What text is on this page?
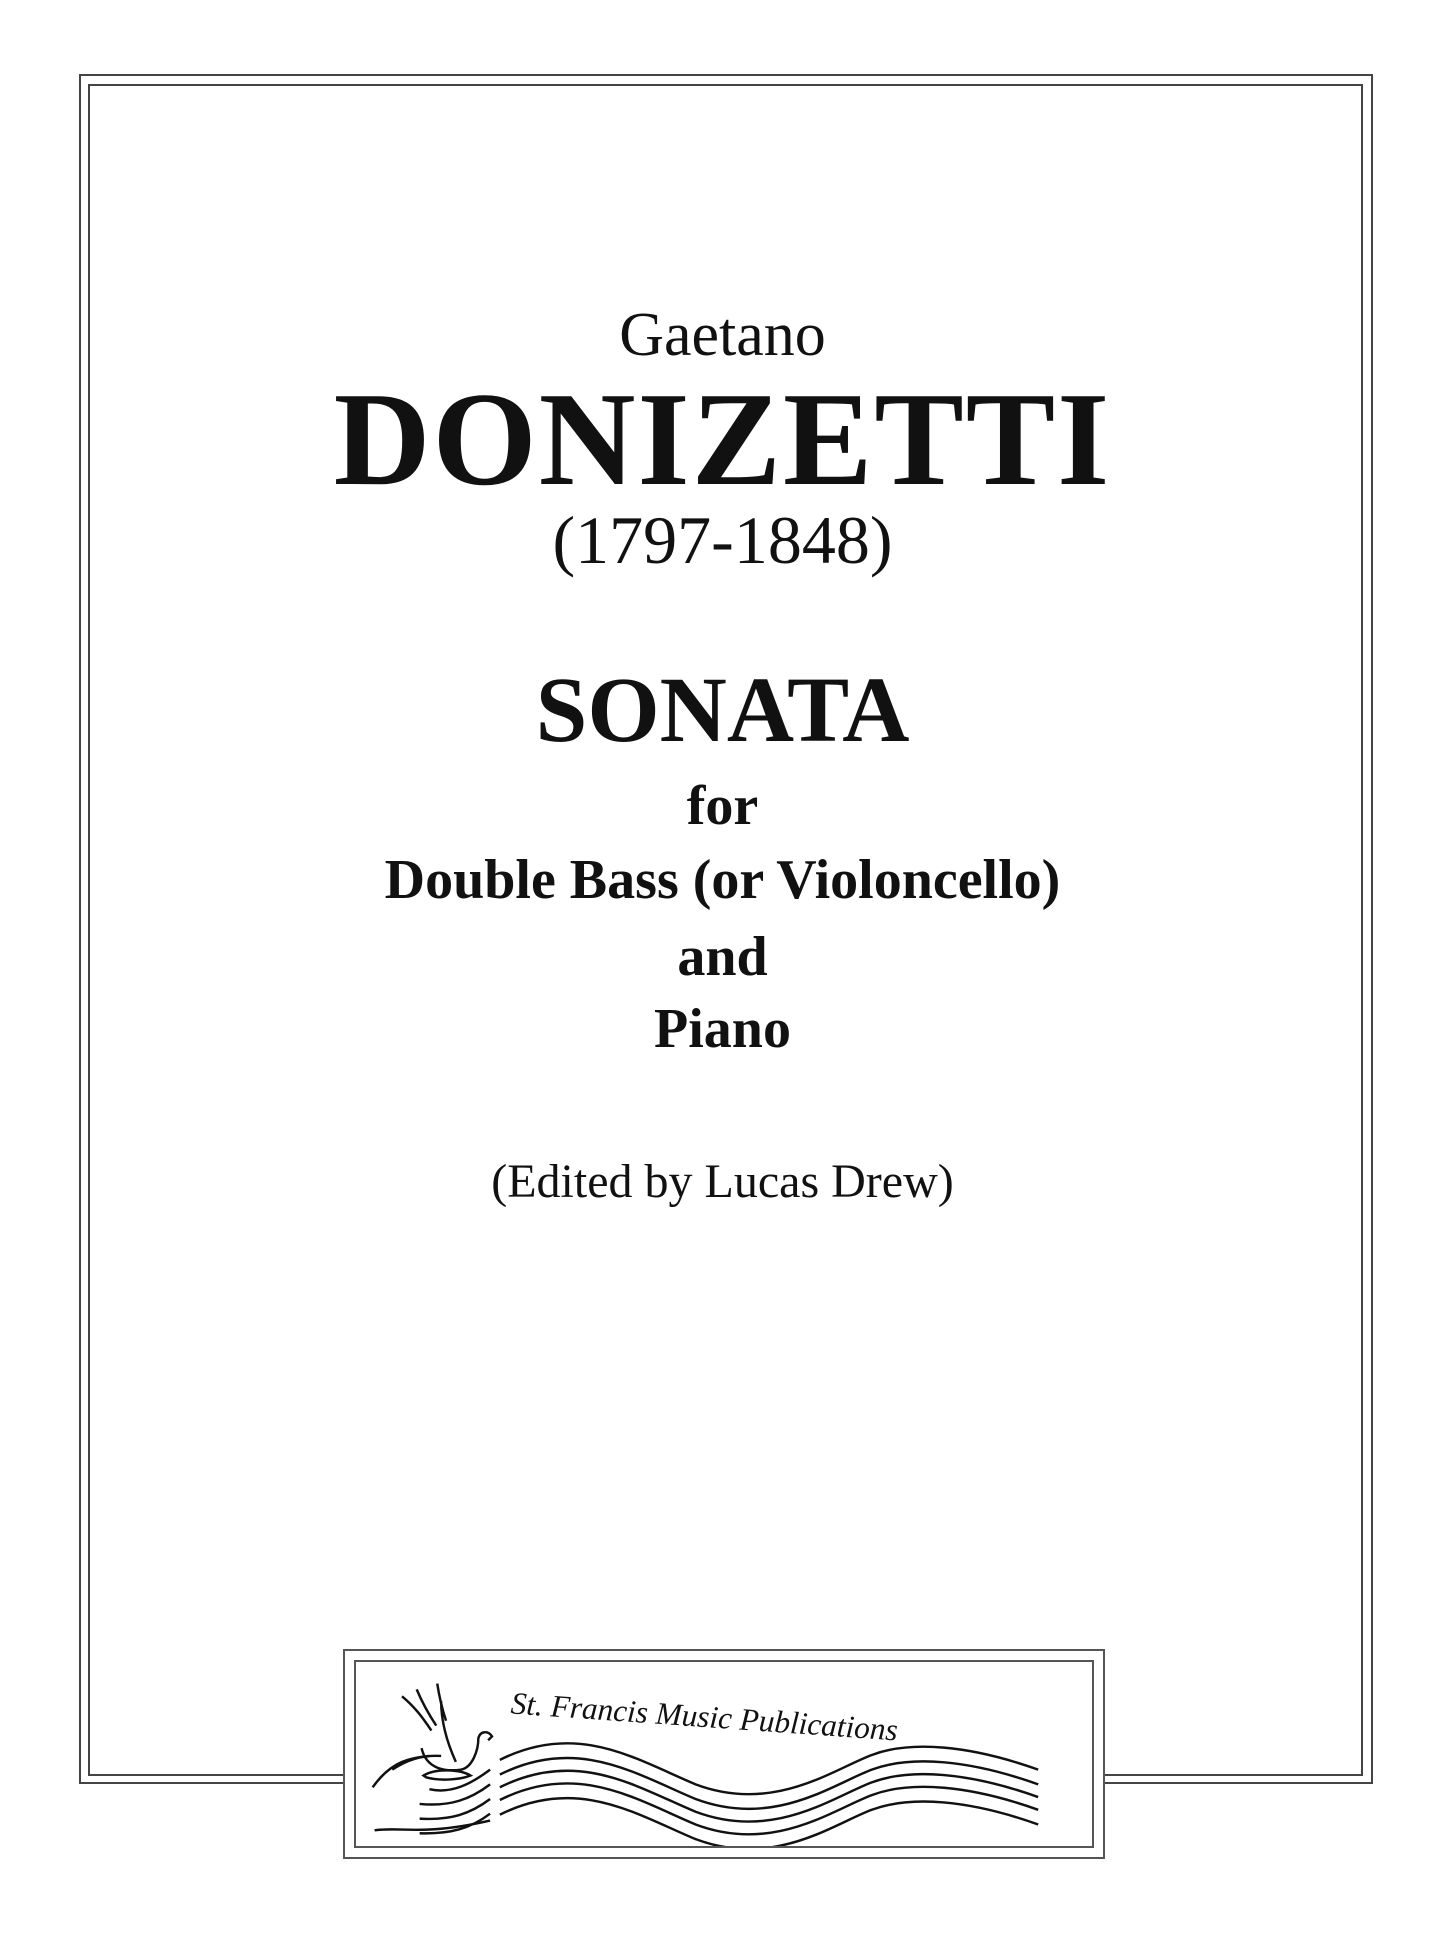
Gaetano
DONIZETTI
(1797-1848)
SONATA
for
Double Bass (or Violoncello)
and
Piano
(Edited by Lucas Drew)
St. Francis Music Publications
